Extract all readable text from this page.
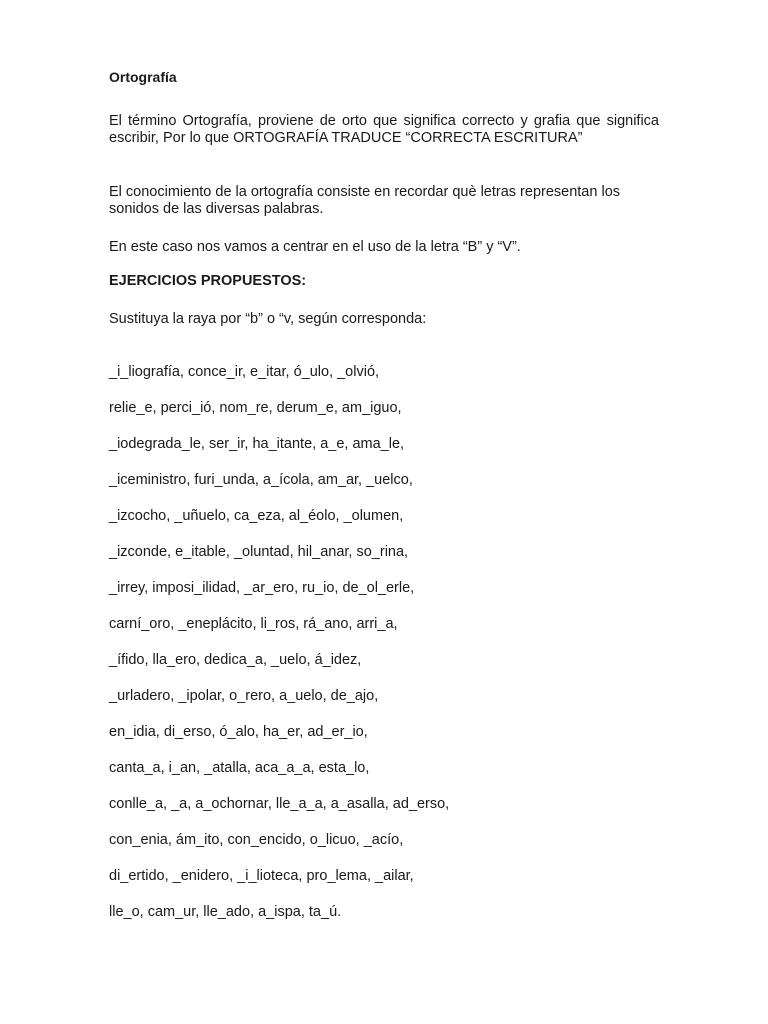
Ortografía
El término Ortografía, proviene de orto que significa correcto y grafia que significa escribir, Por lo que ORTOGRAFÍA TRADUCE “CORRECTA ESCRITURA”
El conocimiento de la ortografía consiste en recordar què letras representan los sonidos de las diversas palabras.
En este caso nos vamos a centrar en el uso de la letra “B” y “V”.
EJERCICIOS PROPUESTOS:
Sustituya la raya por “b” o “v, según corresponda:
_i_liografía, conce_ir, e_itar, ó_ulo, _olvió,
relie_e, perci_ió, nom_re, derum_e, am_iguo,
_iodegrada_le, ser_ir, ha_itante, a_e, ama_le,
_iceministro, furi_unda, a_ícola, am_ar, _uelco,
_izcocho, _uñuelo, ca_eza, al_éolo, _olumen,
_izconde, e_itable, _oluntad, hil_anar, so_rina,
_irrey, imposi_ilidad, _ar_ero, ru_io, de_ol_erle,
carní_oro, _eneplácito, li_ros, rá_ano, arri_a,
_ífido, lla_ero, dedica_a, _uelo, á_idez,
_urladero, _ipolar, o_rero, a_uelo, de_ajo,
en_idia, di_erso, ó_alo, ha_er, ad_er_io,
canta_a, i_an, _atalla, aca_a_a, esta_lo,
conlle_a, _a, a_ochornar, lle_a_a, a_asalla, ad_erso,
con_enia, ám_ito, con_encido, o_licuo, _acío,
di_ertido, _enidero, _i_lioteca, pro_lema, _ailar,
lle_o, cam_ur, lle_ado, a_ispa, ta_ú.
